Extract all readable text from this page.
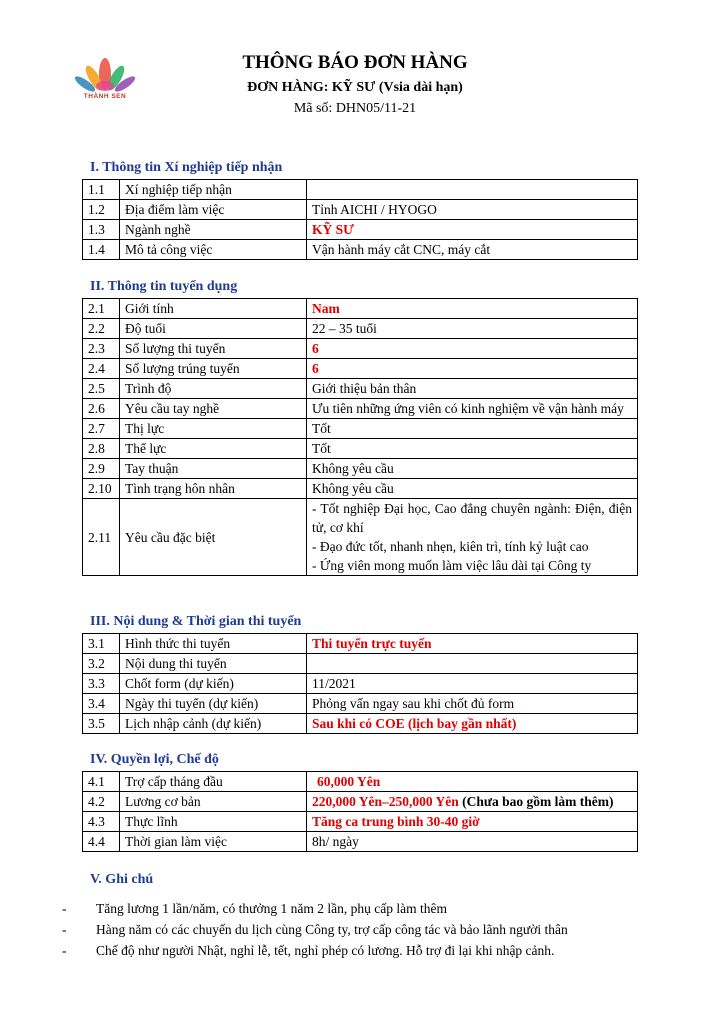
THÀNH SEN
THÔNG BÁO ĐƠN HÀNG
ĐƠN HÀNG: KỸ SƯ (Vsia dài hạn)
Mã số: DHN05/11-21
I. Thông tin Xí nghiệp tiếp nhận
1.1	Xí nghiệp tiếp nhận	
1.2	Địa điểm làm việc	Tỉnh AICHI / HYOGO
1.3	Ngành nghề	KỸ SƯ
1.4	Mô tả công việc	Vận hành máy cắt CNC, máy cắt
II. Thông tin tuyển dụng
2.1	Giới tính	Nam
2.2	Độ tuổi	22 – 35 tuổi
2.3	Số lượng thi tuyển	6
2.4	Số lượng trúng tuyển	6
2.5	Trình độ	Giới thiệu bản thân
2.6	Yêu cầu tay nghề	Ưu tiên những ứng viên có kinh nghiệm về vận hành máy
2.7	Thị lực	Tốt
2.8	Thể lực	Tốt
2.9	Tay thuận	Không yêu cầu
2.10	Tình trạng hôn nhân	Không yêu cầu
2.11	Yêu cầu đặc biệt	- Tốt nghiệp Đại học, Cao đẳng chuyên ngành: Điện, điện tử, cơ khí
- Đạo đức tốt, nhanh nhẹn, kiên trì, tính kỷ luật cao
- Ứng viên mong muốn làm việc lâu dài tại Công ty
III. Nội dung & Thời gian thi tuyển
3.1	Hình thức thi tuyển	Thi tuyển trực tuyến
3.2	Nội dung thi tuyển	
3.3	Chốt form (dự kiến)	11/2021
3.4	Ngày thi tuyển (dự kiến)	Phỏng vấn ngay sau khi chốt đủ form
3.5	Lịch nhập cảnh (dự kiến)	Sau khi có COE (lịch bay gần nhất)
IV. Quyền lợi, Chế độ
4.1	Trợ cấp tháng đầu	60,000 Yên
4.2	Lương cơ bản	220,000 Yên–250,000 Yên (Chưa bao gồm làm thêm)
4.3	Thực lĩnh	Tăng ca trung bình 30-40 giờ
4.4	Thời gian làm việc	8h/ ngày
V. Ghi chú
-	Tăng lương 1 lần/năm, có thưởng 1 năm 2 lần, phụ cấp làm thêm
-	Hàng năm có các chuyến du lịch cùng Công ty, trợ cấp công tác và bảo lãnh người thân
-	Chế độ như người Nhật, nghỉ lễ, tết, nghỉ phép có lương. Hỗ trợ đi lại khi nhập cảnh.
